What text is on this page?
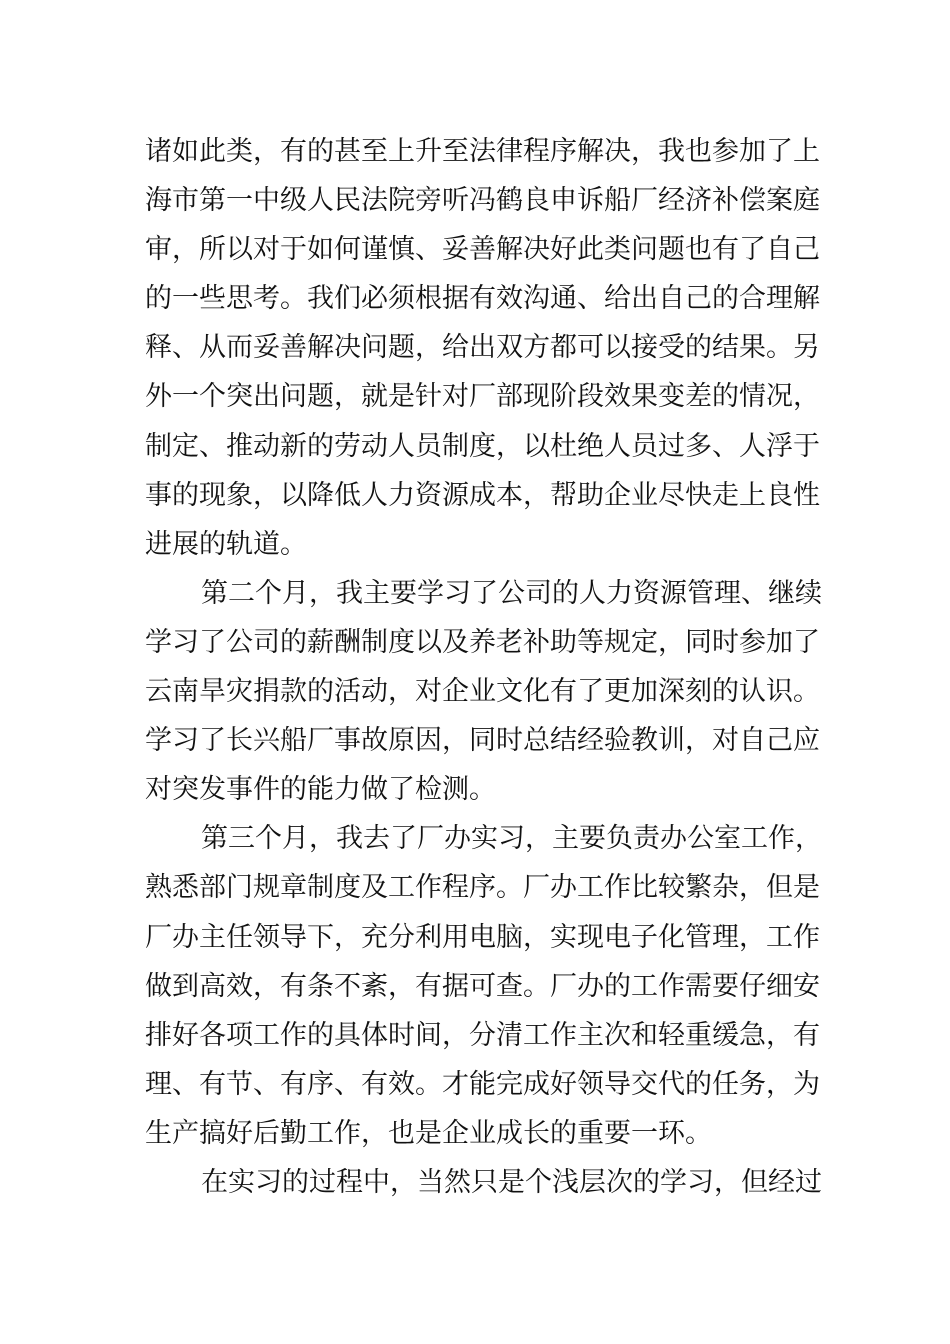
诸如此类，有的甚至上升至法律程序解决，我也参加了上
海市第一中级人民法院旁听冯鹤良申诉船厂经济补偿案庭
审，所以对于如何谨慎、妥善解决好此类问题也有了自己
的一些思考。我们必须根据有效沟通、给出自己的合理解
释、从而妥善解决问题，给出双方都可以接受的结果。另
外一个突出问题，就是针对厂部现阶段效果变差的情况，
制定、推动新的劳动人员制度，以杜绝人员过多、人浮于
事的现象，以降低人力资源成本，帮助企业尽快走上良性
进展的轨道。
第二个月，我主要学习了公司的人力资源管理、继续
学习了公司的薪酬制度以及养老补助等规定，同时参加了
云南旱灾捐款的活动，对企业文化有了更加深刻的认识。
学习了长兴船厂事故原因，同时总结经验教训，对自己应
对突发事件的能力做了检测。
第三个月，我去了厂办实习，主要负责办公室工作，
熟悉部门规章制度及工作程序。厂办工作比较繁杂，但是
厂办主任领导下，充分利用电脑，实现电子化管理，工作
做到高效，有条不紊，有据可查。厂办的工作需要仔细安
排好各项工作的具体时间，分清工作主次和轻重缓急，有
理、有节、有序、有效。才能完成好领导交代的任务，为
生产搞好后勤工作，也是企业成长的重要一环。
在实习的过程中，当然只是个浅层次的学习，但经过
